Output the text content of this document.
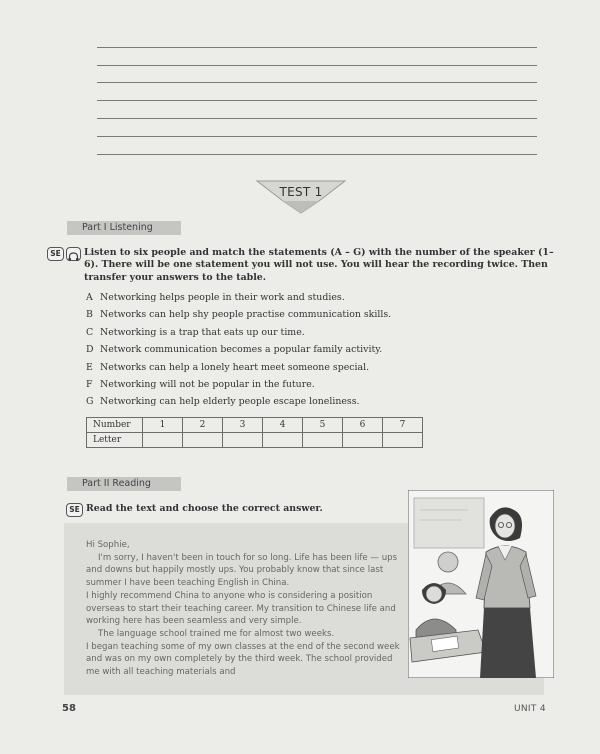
TEST 1
Part I Listening
SE	Listen to six people and match the statements (A – G) with the number of the speaker (1–6). There will be one statement you will not use. You will hear the recording twice. Then transfer your answers to the table.
A Networking helps people in their work and studies.
B Networks can help shy people practise communication skills.
C Networking is a trap that eats up our time.
D Network communication becomes a popular family activity.
E Networks can help a lonely heart meet someone special.
F Networking will not be popular in the future.
G Networking can help elderly people escape loneliness.
Number	1	2	3	4	5	6	7
Letter							
Part II Reading
SE Read the text and choose the correct answer.

Hi Sophie,

I'm sorry, I haven't been in touch for so long. Life has been life — ups and downs but happily mostly ups. You probably know that since last summer I have been teaching English in China.

I highly recommend China to anyone who is considering a position overseas to start their teaching career. My transition to Chinese life and working here has been seamless and very simple.

The language school trained me for almost two weeks.

I began teaching some of my own classes at the end of the second week and was on my own completely by the third week. The school provided me with all teaching materials and

58	UNIT 4
